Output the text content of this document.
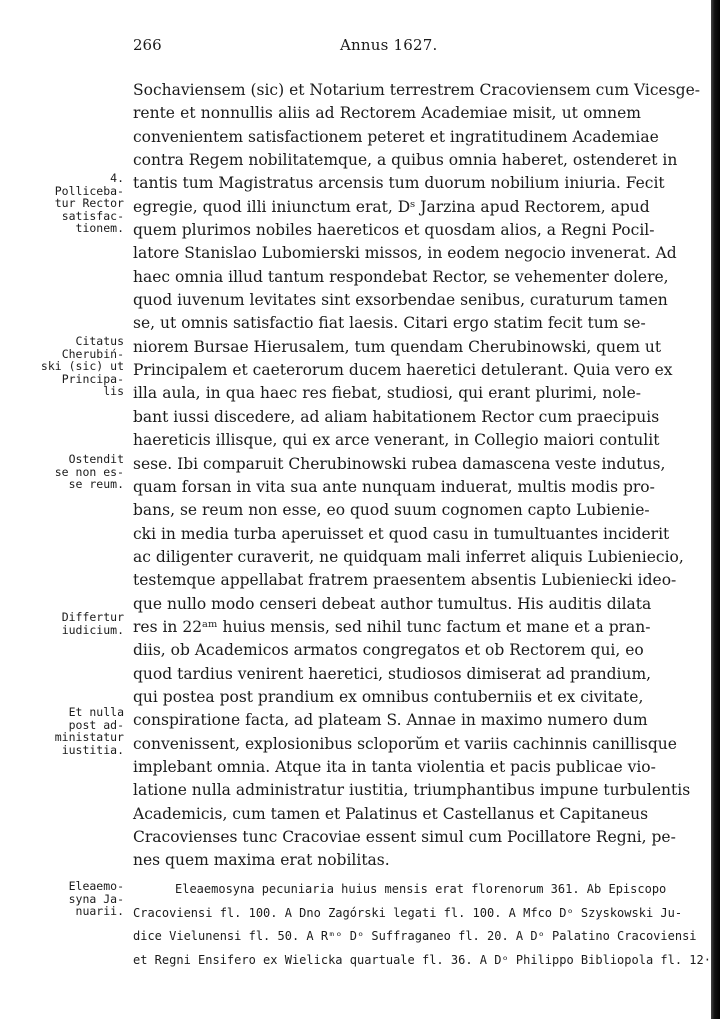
266	Annus 1627.
Sochaviensem (sic) et Notarium terrestrem Cracoviensem cum Vicesge-
rente et nonnullis aliis ad Rectorem Academiae misit, ut omnem
convenientem satisfactionem peteret et ingratitudinem Academiae
contra Regem nobilitatemque, a quibus omnia haberet, ostenderet in
tantis tum Magistratus arcensis tum duorum nobilium iniuria. Fecit
egregie, quod illi iniunctum erat, Dˢ Jarzina apud Rectorem, apud
quem plurimos nobiles haereticos et quosdam alios, a Regni Pocil-
latore Stanislao Lubomierski missos, in eodem negocio invenerat. Ad
haec omnia illud tantum respondebat Rector, se vehementer dolere,
quod iuvenum levitates sint exsorbendae senibus, curaturum tamen
se, ut omnis satisfactio fiat laesis. Citari ergo statim fecit tum se-
niorem Bursae Hierusalem, tum quendam Cherubinowski, quem ut
Principalem et caeterorum ducem haeretici detulerant. Quia vero ex
illa aula, in qua haec res fiebat, studiosi, qui erant plurimi, nole-
bant iussi discedere, ad aliam habitationem Rector cum praecipuis
haereticis illisque, qui ex arce venerant, in Collegio maiori contulit
sese. Ibi comparuit Cherubinowski rubea damascena veste indutus,
quam forsan in vita sua ante nunquam induerat, multis modis pro-
bans, se reum non esse, eo quod suum cognomen capto Lubienie-
cki in media turba aperuisset et quod casu in tumultuantes inciderit
ac diligenter curaverit, ne quidquam mali inferret aliquis Lubieniecio,
testemque appellabat fratrem praesentem absentis Lubieniecki ideo-
que nullo modo censeri debeat author tumultus. His auditis dilata
res in 22ᵃᵐ huius mensis, sed nihil tunc factum et mane et a pran-
diis, ob Academicos armatos congregatos et ob Rectorem qui, eo
quod tardius venirent haeretici, studiosos dimiserat ad prandium,
qui postea post prandium ex omnibus contuberniis et ex civitate,
conspiratione facta, ad plateam S. Annae in maximo numero dum
convenissent, explosionibus scloporŭm et variis cachinnis canillisque
implebant omnia. Atque ita in tanta violentia et pacis publicae vio-
latione nulla administratur iustitia, triumphantibus impune turbulentis
Academicis, cum tamen et Palatinus et Castellanus et Capitaneus
Cracovienses tunc Cracoviae essent simul cum Pocillatore Regni, pe-
nes quem maxima erat nobilitas.
4.
Polliceba-
tur Rector
satisfac-
tionem.
Citatus
Cherubiń-
ski (sic) ut
Principa-
lis
Ostendit
se non es-
se reum.
Differtur
iudicium.
Et nulla
post ad-
ministatur
iustitia.
Eleaemo-
syna Ja-
nuarii.
Eleaemosyna pecuniaria huius mensis erat florenorum 361. Ab Episcopo
Cracoviensi fl. 100. A Dno Zagórski legati fl. 100. A Mfco Dᵒ Szyskowski Ju-
dice Vielunensi fl. 50. A Rᵐᵒ Dᵒ Suffraganeo fl. 20. A Dᵒ Palatino Cracoviensi
et Regni Ensifero ex Wielicka quartuale fl. 36. A Dᵒ Philippo Bibliopola fl. 12·
